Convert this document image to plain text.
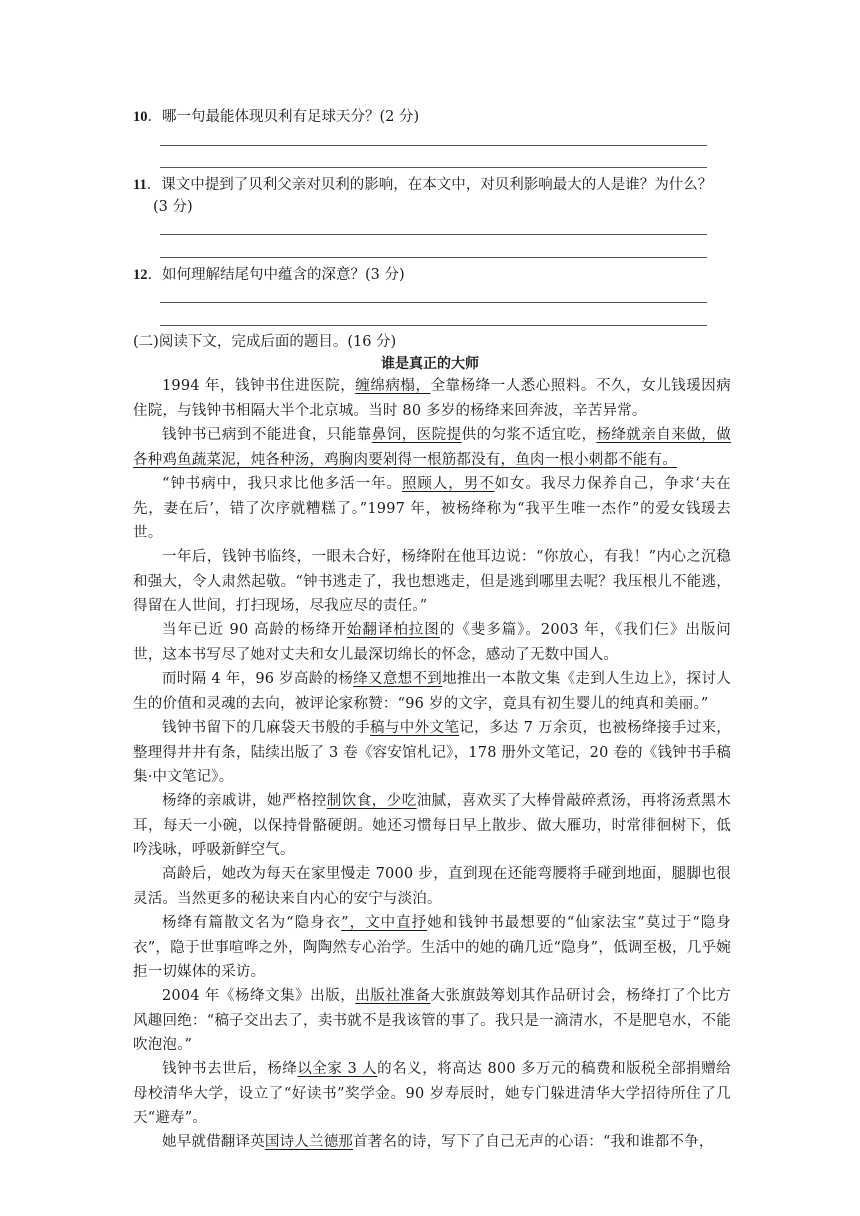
10．哪一句最能体现贝利有足球天分？(2 分)
11．课文中提到了贝利父亲对贝利的影响，在本文中，对贝利影响最大的人是谁？为什么？
(3 分)
12．如何理解结尾句中蕴含的深意？(3 分)
(二)阅读下文，完成后面的题目。(16 分)
谁是真正的大师
1994 年，钱钟书住进医院，缠绵病榻，全靠杨绛一人悉心照料。不久，女儿钱瑗因病住院，与钱钟书相隔大半个北京城。当时 80 多岁的杨绛来回奔波，辛苦异常。
钱钟书已病到不能进食，只能靠鼻饲，医院提供的匀浆不适宜吃，杨绛就亲自来做，做各种鸡鱼蔬菜泥，炖各种汤，鸡胸肉要剁得一根筋都没有，鱼肉一根小刺都不能有。
“钟书病中，我只求比他多活一年。照顾人，男不如女。我尽力保养自己，争求‘夫在先，妻在后’，错了次序就糟糕了。”1997 年，被杨绛称为“我平生唯一杰作”的爱女钱瑗去世。
一年后，钱钟书临终，一眼未合好，杨绛附在他耳边说：“你放心，有我！”内心之沉稳和强大，令人肃然起敬。“钟书逃走了，我也想逃走，但是逃到哪里去呢？我压根儿不能逃，得留在人世间，打扫现场，尽我应尽的责任。”
当年已近 90 高龄的杨绛开始翻译柏拉图的《斐多篇》。2003 年，《我们仨》出版问世，这本书写尽了她对丈夫和女儿最深切绵长的怀念，感动了无数中国人。
而时隔 4 年，96 岁高龄的杨绛又意想不到地推出一本散文集《走到人生边上》，探讨人生的价值和灵魂的去向，被评论家称赞：“96 岁的文字，竟具有初生婴儿的纯真和美丽。”
钱钟书留下的几麻袋天书般的手稿与中外文笔记，多达 7 万余页，也被杨绛接手过来，整理得井井有条，陆续出版了 3 卷《容安馆札记》，178 册外文笔记，20 卷的《钱钟书手稿集·中文笔记》。
杨绛的亲戚讲，她严格控制饮食，少吃油腻，喜欢买了大棒骨敲碎煮汤，再将汤煮黑木耳，每天一小碗，以保持骨骼硬朗。她还习惯每日早上散步、做大雁功，时常徘徊树下，低吟浅咏，呼吸新鲜空气。
高龄后，她改为每天在家里慢走 7000 步，直到现在还能弯腰将手碰到地面，腿脚也很灵活。当然更多的秘诀来自内心的安宁与淡泊。
杨绛有篇散文名为“隐身衣”，文中直抒她和钱钟书最想要的“仙家法宝”莫过于“隐身衣”，隐于世事喧哗之外，陶陶然专心治学。生活中的她的确几近“隐身”，低调至极，几乎婉拒一切媒体的采访。
2004 年《杨绛文集》出版，出版社准备大张旗鼓筹划其作品研讨会，杨绛打了个比方风趣回绝：“稿子交出去了，卖书就不是我该管的事了。我只是一滴清水，不是肥皂水，不能吹泡泡。”
钱钟书去世后，杨绛以全家 3 人的名义，将高达 800 多万元的稿费和版税全部捐赠给母校清华大学，设立了“好读书”奖学金。90 岁寿辰时，她专门躲进清华大学招待所住了几天“避寿”。
她早就借翻译英国诗人兰德那首著名的诗，写下了自己无声的心语：“我和谁都不争，
